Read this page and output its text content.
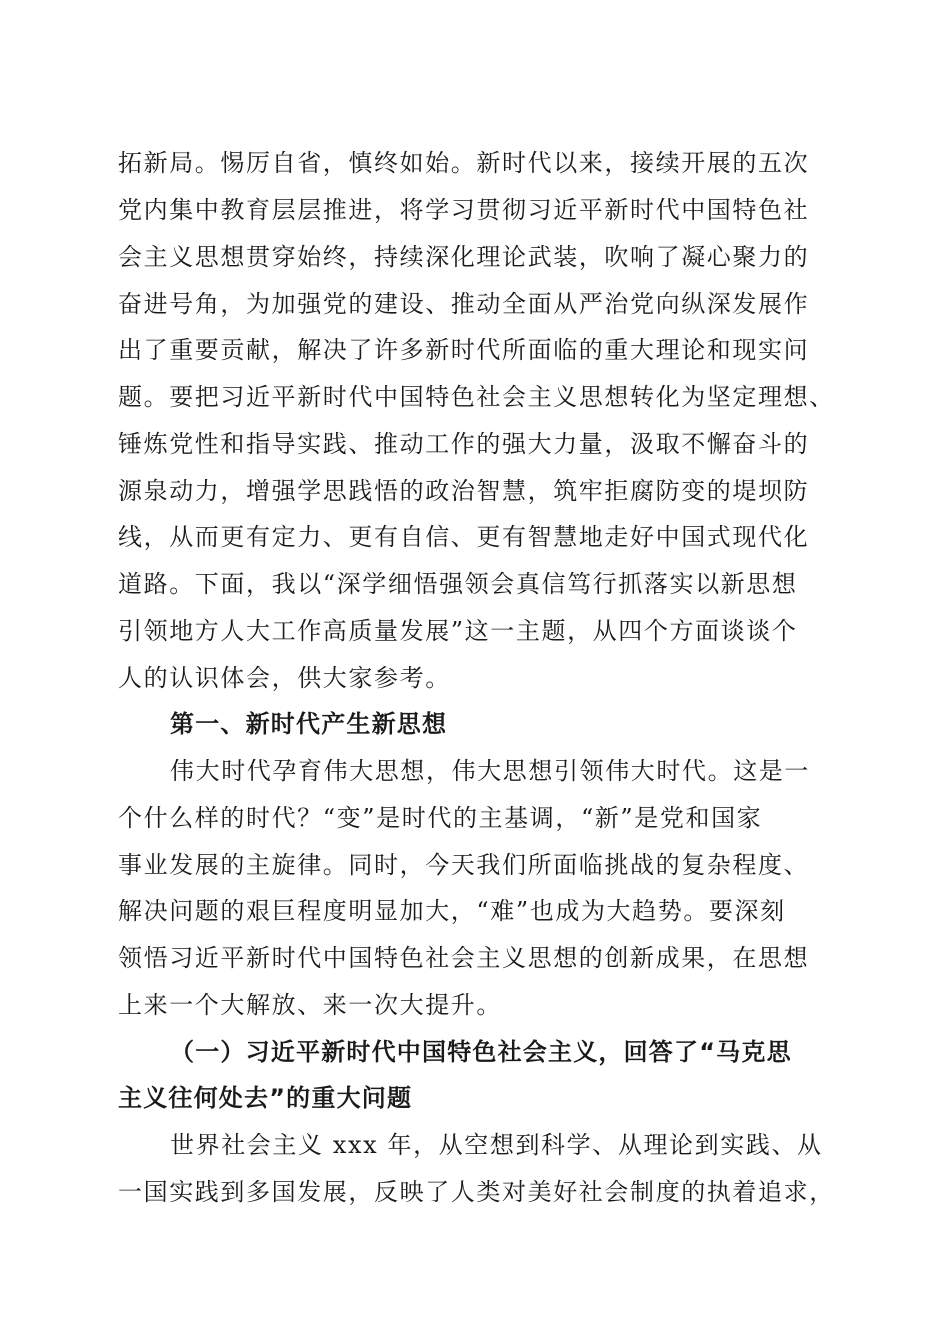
拓新局。惕厉自省，慎终如始。新时代以来，接续开展的五次
党内集中教育层层推进，将学习贯彻习近平新时代中国特色社
会主义思想贯穿始终，持续深化理论武装，吹响了凝心聚力的
奋进号角，为加强党的建设、推动全面从严治党向纵深发展作
出了重要贡献，解决了许多新时代所面临的重大理论和现实问
题。要把习近平新时代中国特色社会主义思想转化为坚定理想、
锤炼党性和指导实践、推动工作的强大力量，汲取不懈奋斗的
源泉动力，增强学思践悟的政治智慧，筑牢拒腐防变的堤坝防
线，从而更有定力、更有自信、更有智慧地走好中国式现代化
道路。下面，我以“深学细悟强领会真信笃行抓落实以新思想
引领地方人大工作高质量发展”这一主题，从四个方面谈谈个
人的认识体会，供大家参考。
第一、新时代产生新思想
伟大时代孕育伟大思想，伟大思想引领伟大时代。这是一
个什么样的时代？“变”是时代的主基调，“新”是党和国家
事业发展的主旋律。同时，今天我们所面临挑战的复杂程度、
解决问题的艰巨程度明显加大，“难”也成为大趋势。要深刻
领悟习近平新时代中国特色社会主义思想的创新成果，在思想
上来一个大解放、来一次大提升。
（一）习近平新时代中国特色社会主义，回答了“马克思
主义往何处去”的重大问题
世界社会主义 xxx 年，从空想到科学、从理论到实践、从
一国实践到多国发展，反映了人类对美好社会制度的执着追求，
